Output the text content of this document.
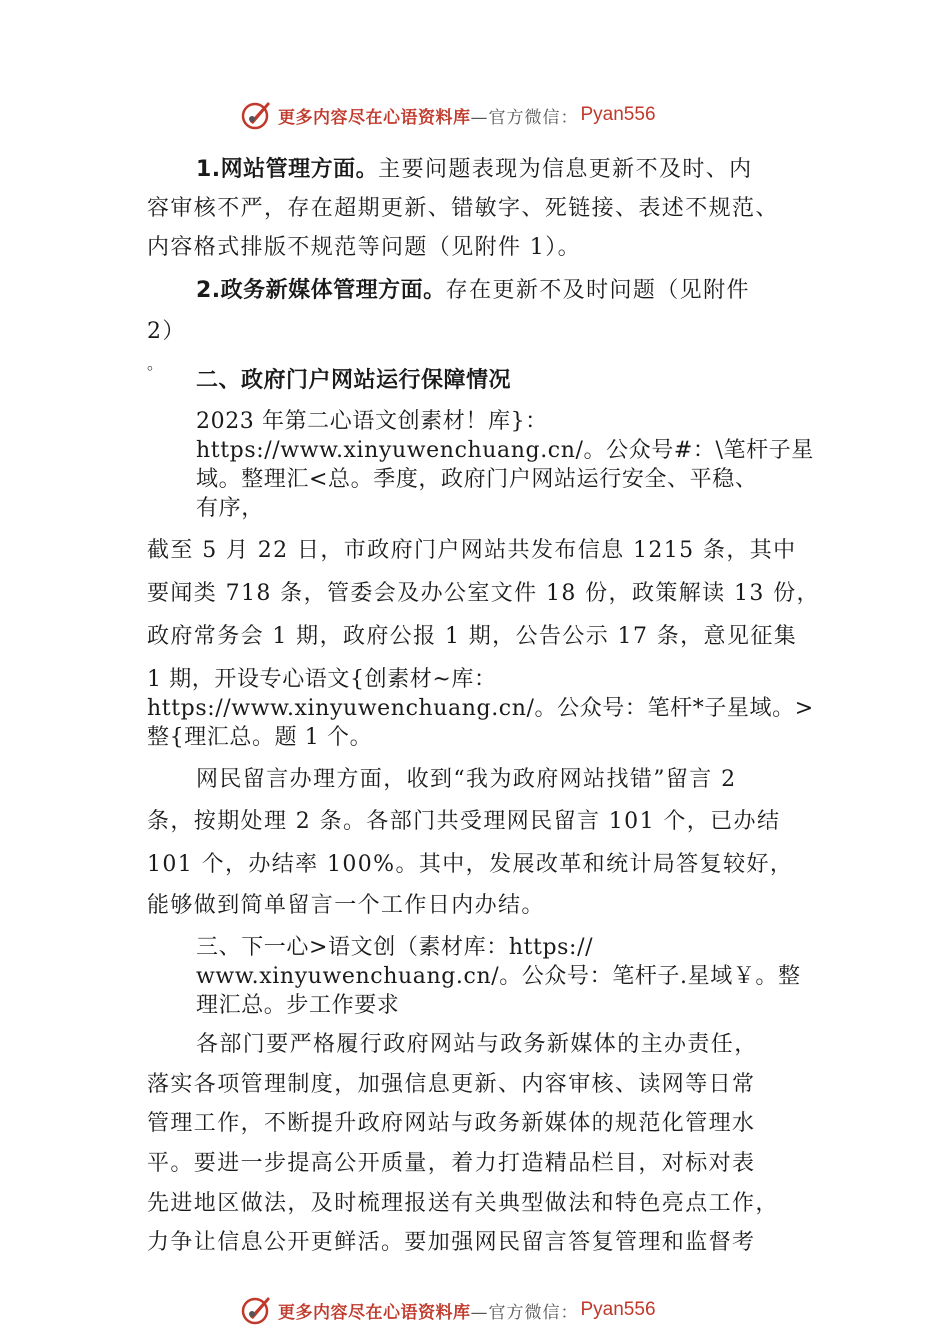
更多内容尽在心语资料库 —官方微信： Pyan556
1.网站管理方面。主要问题表现为信息更新不及时、内
容审核不严，存在超期更新、错敏字、死链接、表述不规范、
内容格式排版不规范等问题（见附件 1）。
2.政务新媒体管理方面。存在更新不及时问题（见附件
2）
。
二、政府门户网站运行保障情况
2023 年第二心语文创素材！库}：
https://www.xinyuwenchuang.cn/。公众号#：\笔杆子星
域。整理汇<总。季度，政府门户网站运行安全、平稳、
有序，
截至 5 月 22 日，市政府门户网站共发布信息 1215 条，其中
要闻类 718 条，管委会及办公室文件 18 份，政策解读 13 份，
政府常务会 1 期，政府公报 1 期，公告公示 17 条，意见征集
1 期，开设专心语文{创素材~库：
https://www.xinyuwenchuang.cn/。公众号：笔杆*子星域。>
整{理汇总。题 1 个。
网民留言办理方面，收到“我为政府网站找错”留言 2
条，按期处理 2 条。各部门共受理网民留言 101 个，已办结
101 个，办结率 100%。其中，发展改革和统计局答复较好，
能够做到简单留言一个工作日内办结。
三、下一心>语文创（素材库：https://
www.xinyuwenchuang.cn/。公众号：笔杆子.星域￥。整
理汇总。步工作要求
各部门要严格履行政府网站与政务新媒体的主办责任，
落实各项管理制度，加强信息更新、内容审核、读网等日常
管理工作，不断提升政府网站与政务新媒体的规范化管理水
平。要进一步提高公开质量，着力打造精品栏目，对标对表
先进地区做法，及时梳理报送有关典型做法和特色亮点工作，
力争让信息公开更鲜活。要加强网民留言答复管理和监督考
更多内容尽在心语资料库 —官方微信： Pyan556
